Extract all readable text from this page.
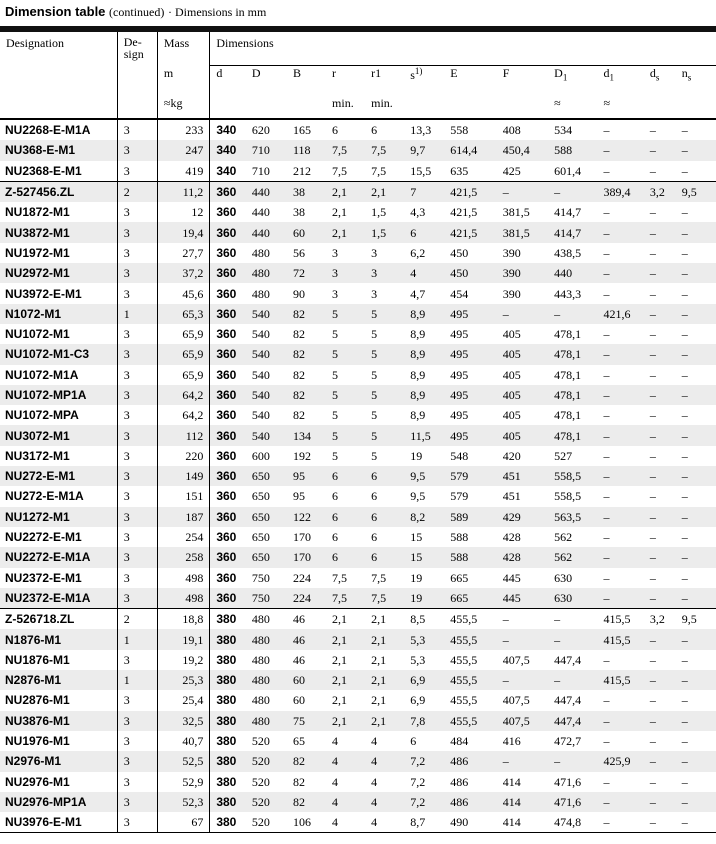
Dimension table (continued) · Dimensions in mm
Designation	De-
sign	Mass	Dimensions											
		m	d	D	B	r	r1	$s^{1)}$	E	F	$D_1$	$d_1$	$d_s$	$n_s$
		≈kg				min.	min.				≈	≈		
NU2268-E-M1A	3	233	340	620	165	6	6	13,3	558	408	534	–	–	–
NU368-E-M1	3	247	340	710	118	7,5	7,5	9,7	614,4	450,4	588	–	–	–
NU2368-E-M1	3	419	340	710	212	7,5	7,5	15,5	635	425	601,4	–	–	–
Z-527456.ZL	2	11,2	360	440	38	2,1	2,1	7	421,5	–	–	389,4	3,2	9,5
NU1872-M1	3	12	360	440	38	2,1	1,5	4,3	421,5	381,5	414,7	–	–	–
NU3872-M1	3	19,4	360	440	60	2,1	1,5	6	421,5	381,5	414,7	–	–	–
NU1972-M1	3	27,7	360	480	56	3	3	6,2	450	390	438,5	–	–	–
NU2972-M1	3	37,2	360	480	72	3	3	4	450	390	440	–	–	–
NU3972-E-M1	3	45,6	360	480	90	3	3	4,7	454	390	443,3	–	–	–
N1072-M1	1	65,3	360	540	82	5	5	8,9	495	–	–	421,6	–	–
NU1072-M1	3	65,9	360	540	82	5	5	8,9	495	405	478,1	–	–	–
NU1072-M1-C3	3	65,9	360	540	82	5	5	8,9	495	405	478,1	–	–	–
NU1072-M1A	3	65,9	360	540	82	5	5	8,9	495	405	478,1	–	–	–
NU1072-MP1A	3	64,2	360	540	82	5	5	8,9	495	405	478,1	–	–	–
NU1072-MPA	3	64,2	360	540	82	5	5	8,9	495	405	478,1	–	–	–
NU3072-M1	3	112	360	540	134	5	5	11,5	495	405	478,1	–	–	–
NU3172-M1	3	220	360	600	192	5	5	19	548	420	527	–	–	–
NU272-E-M1	3	149	360	650	95	6	6	9,5	579	451	558,5	–	–	–
NU272-E-M1A	3	151	360	650	95	6	6	9,5	579	451	558,5	–	–	–
NU1272-M1	3	187	360	650	122	6	6	8,2	589	429	563,5	–	–	–
NU2272-E-M1	3	254	360	650	170	6	6	15	588	428	562	–	–	–
NU2272-E-M1A	3	258	360	650	170	6	6	15	588	428	562	–	–	–
NU2372-E-M1	3	498	360	750	224	7,5	7,5	19	665	445	630	–	–	–
NU2372-E-M1A	3	498	360	750	224	7,5	7,5	19	665	445	630	–	–	–
Z-526718.ZL	2	18,8	380	480	46	2,1	2,1	8,5	455,5	–	–	415,5	3,2	9,5
N1876-M1	1	19,1	380	480	46	2,1	2,1	5,3	455,5	–	–	415,5	–	–
NU1876-M1	3	19,2	380	480	46	2,1	2,1	5,3	455,5	407,5	447,4	–	–	–
N2876-M1	1	25,3	380	480	60	2,1	2,1	6,9	455,5	–	–	415,5	–	–
NU2876-M1	3	25,4	380	480	60	2,1	2,1	6,9	455,5	407,5	447,4	–	–	–
NU3876-M1	3	32,5	380	480	75	2,1	2,1	7,8	455,5	407,5	447,4	–	–	–
NU1976-M1	3	40,7	380	520	65	4	4	6	484	416	472,7	–	–	–
N2976-M1	3	52,5	380	520	82	4	4	7,2	486	–	–	425,9	–	–
NU2976-M1	3	52,9	380	520	82	4	4	7,2	486	414	471,6	–	–	–
NU2976-MP1A	3	52,3	380	520	82	4	4	7,2	486	414	471,6	–	–	–
NU3976-E-M1	3	67	380	520	106	4	4	8,7	490	414	474,8	–	–	–
